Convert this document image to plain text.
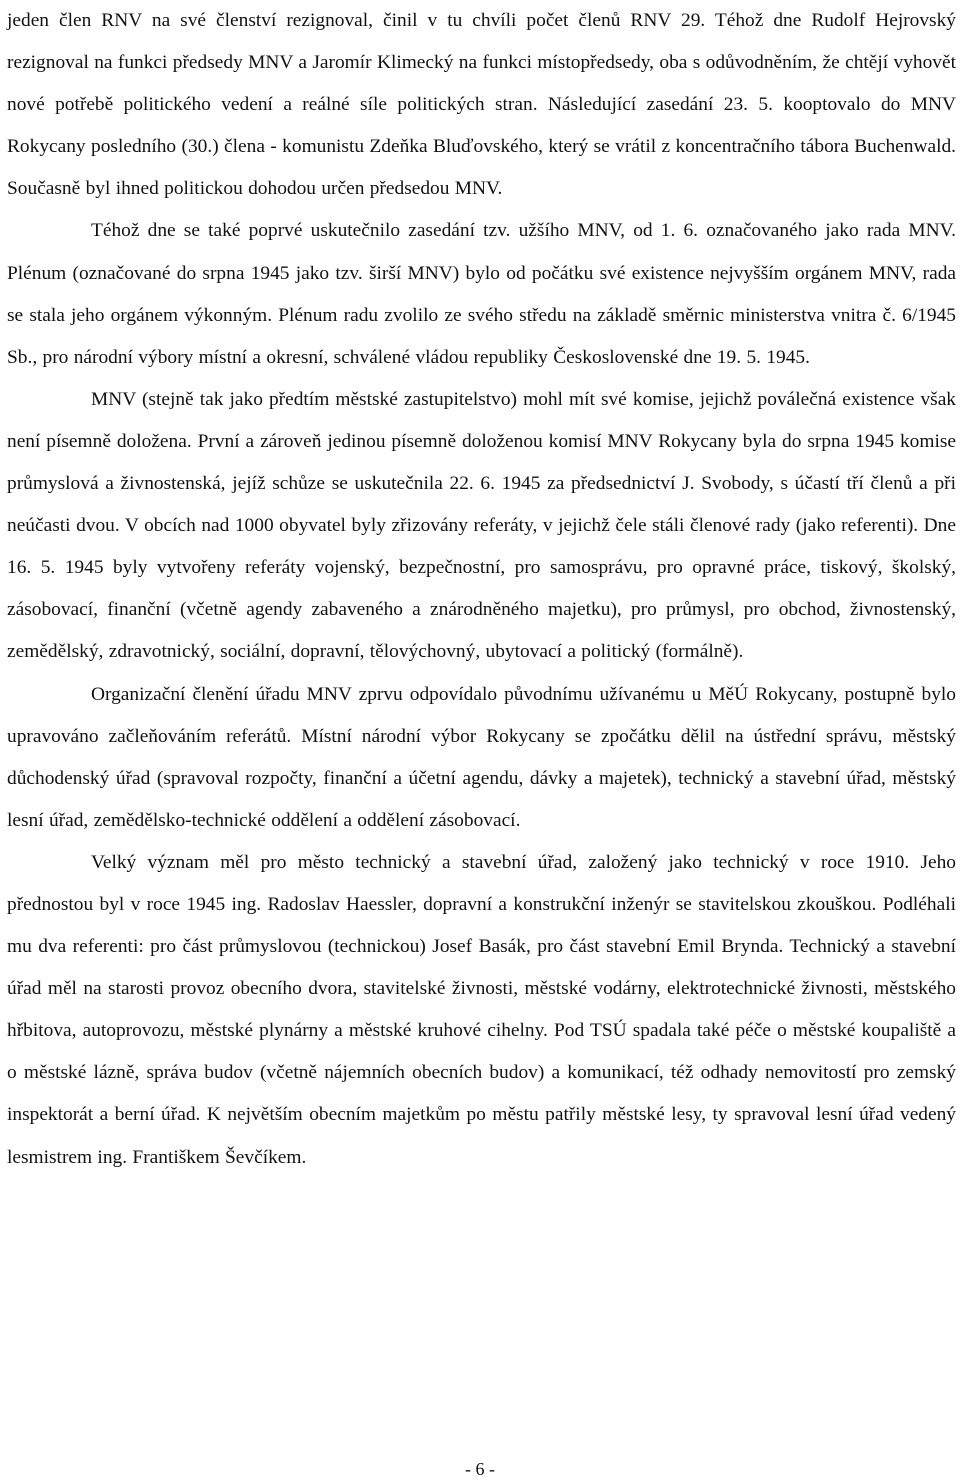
jeden člen RNV na své členství rezignoval, činil v tu chvíli počet členů RNV 29. Téhož dne Rudolf Hejrovský rezignoval na funkci předsedy MNV a Jaromír Klimecký na funkci místopředsedy, oba s odůvodněním, že chtějí vyhovět nové potřebě politického vedení a reálné síle politických stran. Následující zasedání 23. 5. kooptovalo do MNV Rokycany posledního (30.) člena - komunistu Zdeňka Bluďovského, který se vrátil z koncentračního tábora Buchenwald. Současně byl ihned politickou dohodou určen předsedou MNV.

Téhož dne se také poprvé uskutečnilo zasedání tzv. užšího MNV, od 1. 6. označovaného jako rada MNV. Plénum (označované do srpna 1945 jako tzv. širší MNV) bylo od počátku své existence nejvyšším orgánem MNV, rada se stala jeho orgánem výkonným. Plénum radu zvolilo ze svého středu na základě směrnic ministerstva vnitra č. 6/1945 Sb., pro národní výbory místní a okresní, schválené vládou republiky Československé dne 19. 5. 1945.

MNV (stejně tak jako předtím městské zastupitelstvo) mohl mít své komise, jejichž poválečná existence však není písemně doložena. První a zároveň jedinou písemně doloženou komisí MNV Rokycany byla do srpna 1945 komise průmyslová a živnostenská, jejíž schůze se uskutečnila 22. 6. 1945 za předsednictví J. Svobody, s účastí tří členů a při neúčasti dvou. V obcích nad 1000 obyvatel byly zřizovány referáty, v jejichž čele stáli členové rady (jako referenti). Dne 16. 5. 1945 byly vytvořeny referáty vojenský, bezpečnostní, pro samosprávu, pro opravné práce, tiskový, školský, zásobovací, finanční (včetně agendy zabaveného a znárodněného majetku), pro průmysl, pro obchod, živnostenský, zemědělský, zdravotnický, sociální, dopravní, tělovýchovný, ubytovací a politický (formálně).

Organizační členění úřadu MNV zprvu odpovídalo původnímu užívanému u MěÚ Rokycany, postupně bylo upravováno začleňováním referátů. Místní národní výbor Rokycany se zpočátku dělil na ústřední správu, městský důchodenský úřad (spravoval rozpočty, finanční a účetní agendu, dávky a majetek), technický a stavební úřad, městský lesní úřad, zemědělsko-technické oddělení a oddělení zásobovací.

Velký význam měl pro město technický a stavební úřad, založený jako technický v roce 1910. Jeho přednostou byl v roce 1945 ing. Radoslav Haessler, dopravní a konstrukční inženýr se stavitelskou zkouškou. Podléhali mu dva referenti: pro část průmyslovou (technickou) Josef Basák, pro část stavební Emil Brynda. Technický a stavební úřad měl na starosti provoz obecního dvora, stavitelské živnosti, městské vodárny, elektrotechnické živnosti, městského hřbitova, autoprovozu, městské plynárny a městské kruhové cihelny. Pod TSÚ spadala také péče o městské koupaliště a o městské lázně, správa budov (včetně nájemních obecních budov) a komunikací, též odhady nemovitostí pro zemský inspektorát a berní úřad. K největším obecním majetkům po městu patřily městské lesy, ty spravoval lesní úřad vedený lesmistrem ing. Františkem Ševčíkem.

- 6 -
